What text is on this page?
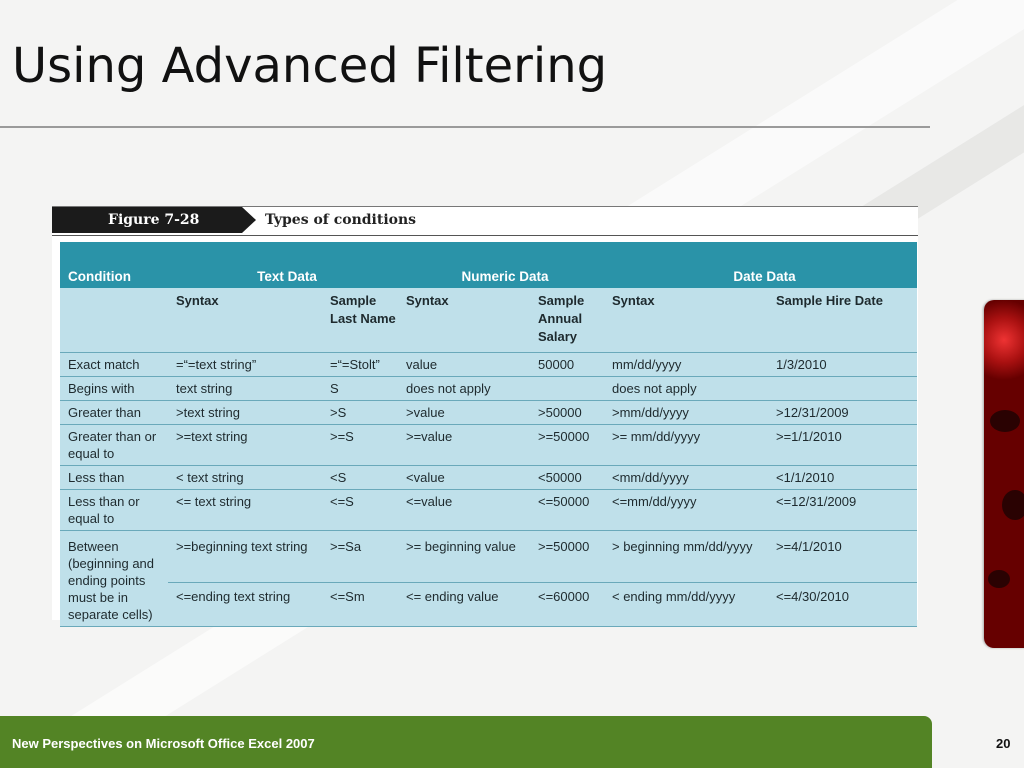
Using Advanced Filtering
Figure 7-28	Types of conditions
Condition	Text Data		Numeric Data		Date Data	
	Syntax	Sample Last Name	Syntax	Sample Annual Salary	Syntax	Sample Hire Date
Exact match	=“=text string”	=“=Stolt”	value	50000	mm/dd/yyyy	1/3/2010
Begins with	text string	S	does not apply		does not apply	
Greater than	>text string	>S	>value	>50000	>mm/dd/yyyy	>12/31/2009
Greater than or equal to	>=text string	>=S	>=value	>=50000	>= mm/dd/yyyy	>=1/1/2010
Less than	< text string	<S	<value	<50000	<mm/dd/yyyy	<1/1/2010
Less than or equal to	<= text string	<=S	<=value	<=50000	<=mm/dd/yyyy	<=12/31/2009
Between (beginning and ending points must be in separate cells)	>=beginning text string	>=Sa	>= beginning value	>=50000	> beginning mm/dd/yyyy	>=4/1/2010
	<=ending text string	<=Sm	<= ending value	<=60000	< ending mm/dd/yyyy	<=4/30/2010
New Perspectives on Microsoft Office Excel 2007	20
